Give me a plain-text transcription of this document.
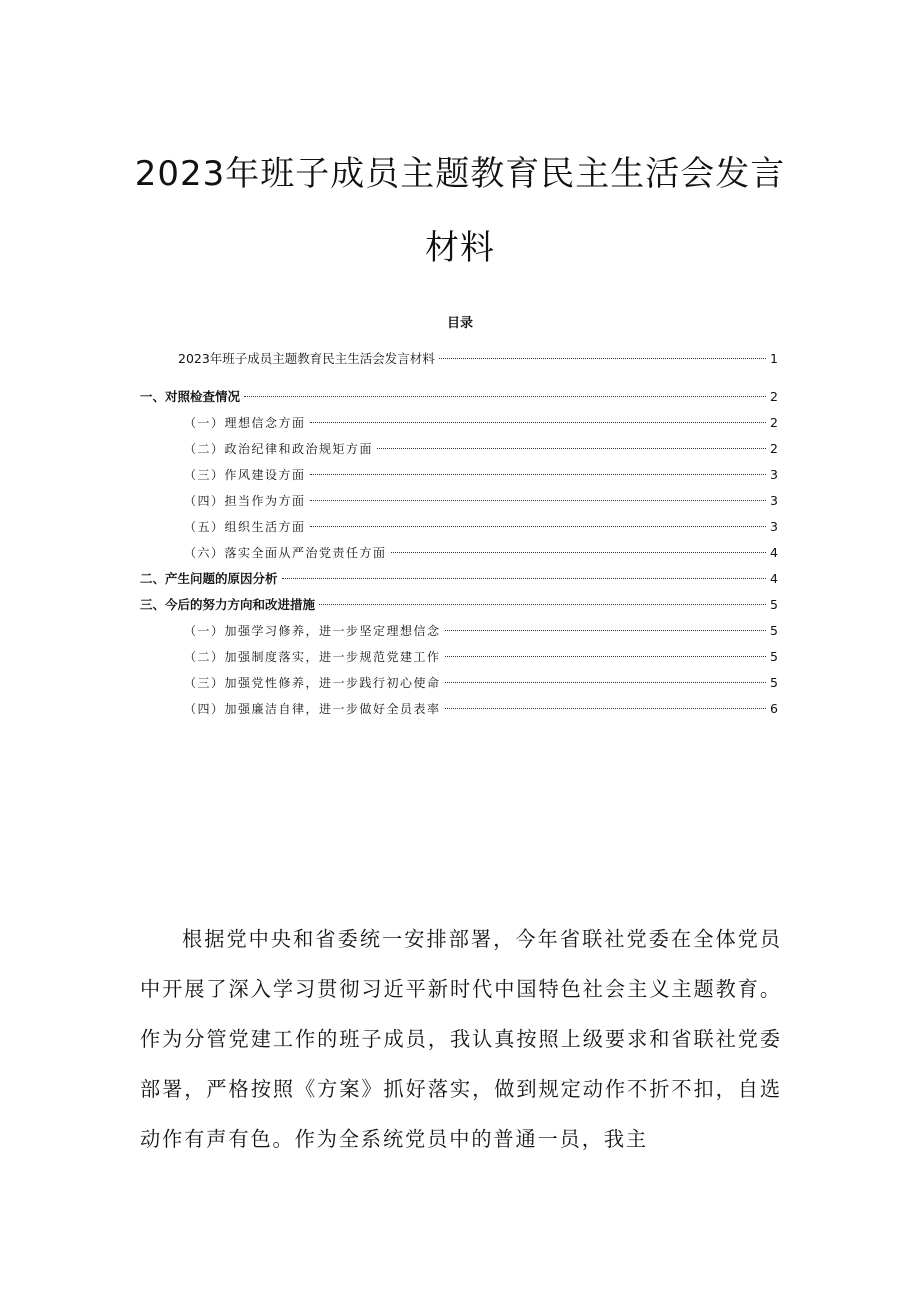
2023年班子成员主题教育民主生活会发言
材料
目录
2023年班子成员主题教育民主生活会发言材料	1
一、对照检查情况	2
（一）理想信念方面	2
（二）政治纪律和政治规矩方面	2
（三）作风建设方面	3
（四）担当作为方面	3
（五）组织生活方面	3
（六）落实全面从严治党责任方面	4
二、产生问题的原因分析	4
三、今后的努力方向和改进措施	5
（一）加强学习修养，进一步坚定理想信念	5
（二）加强制度落实，进一步规范党建工作	5
（三）加强党性修养，进一步践行初心使命	5
（四）加强廉洁自律，进一步做好全员表率	6

根据党中央和省委统一安排部署，今年省联社党委在全体党员中开展了深入学习贯彻习近平新时代中国特色社会主义主题教育。作为分管党建工作的班子成员，我认真按照上级要求和省联社党委部署，严格按照《方案》抓好落实，做到规定动作不折不扣，自选动作有声有色。作为全系统党员中的普通一员，我主
